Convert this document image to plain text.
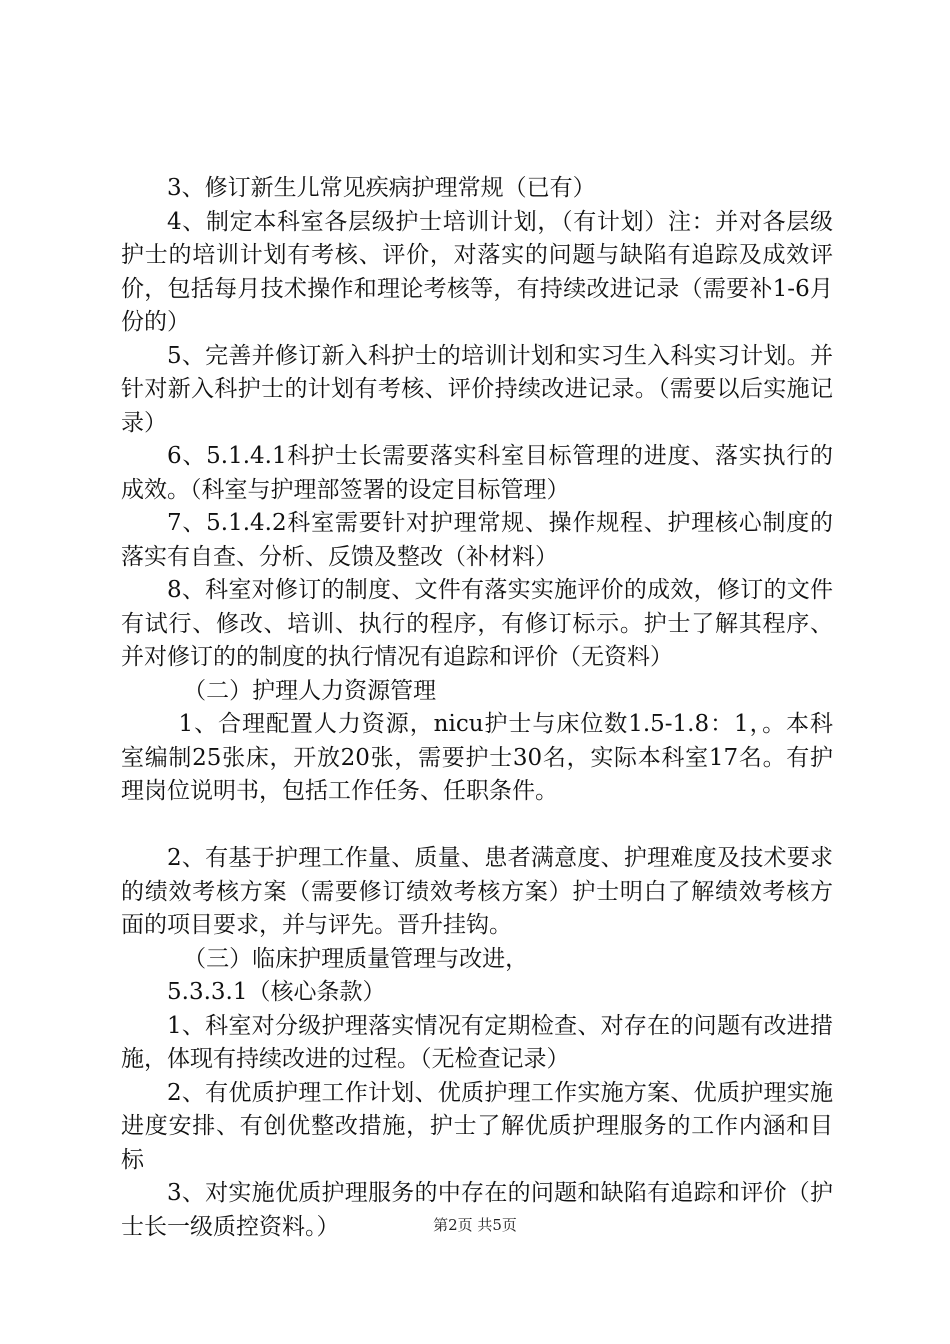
3、修订新生儿常见疾病护理常规（已有）

4、制定本科室各层级护士培训计划，（有计划）注：并对各层级护士的培训计划有考核、评价，对落实的问题与缺陷有追踪及成效评价，包括每月技术操作和理论考核等，有持续改进记录（需要补1-6月份的）

5、完善并修订新入科护士的培训计划和实习生入科实习计划。并针对新入科护士的计划有考核、评价持续改进记录。（需要以后实施记录）

6、5.1.4.1科护士长需要落实科室目标管理的进度、落实执行的成效。（科室与护理部签署的设定目标管理）

7、5.1.4.2科室需要针对护理常规、操作规程、护理核心制度的落实有自查、分析、反馈及整改（补材料）

8、科室对修订的制度、文件有落实实施评价的成效，修订的文件有试行、修改、培训、执行的程序，有修订标示。护士了解其程序、并对修订的的制度的执行情况有追踪和评价（无资料）

（二）护理人力资源管理

1、合理配置人力资源，nicu护士与床位数1.5-1.8：1，。本科室编制25张床，开放20张，需要护士30名，实际本科室17名。有护理岗位说明书，包括工作任务、任职条件。

2、有基于护理工作量、质量、患者满意度、护理难度及技术要求的绩效考核方案（需要修订绩效考核方案）护士明白了解绩效考核方面的项目要求，并与评先。晋升挂钩。

（三）临床护理质量管理与改进，

5.3.3.1（核心条款）

1、科室对分级护理落实情况有定期检查、对存在的问题有改进措施，体现有持续改进的过程。（无检查记录）

2、有优质护理工作计划、优质护理工作实施方案、优质护理实施进度安排、有创优整改措施，护士了解优质护理服务的工作内涵和目标

3、对实施优质护理服务的中存在的问题和缺陷有追踪和评价（护士长一级质控资料。）	第2页 共5页
